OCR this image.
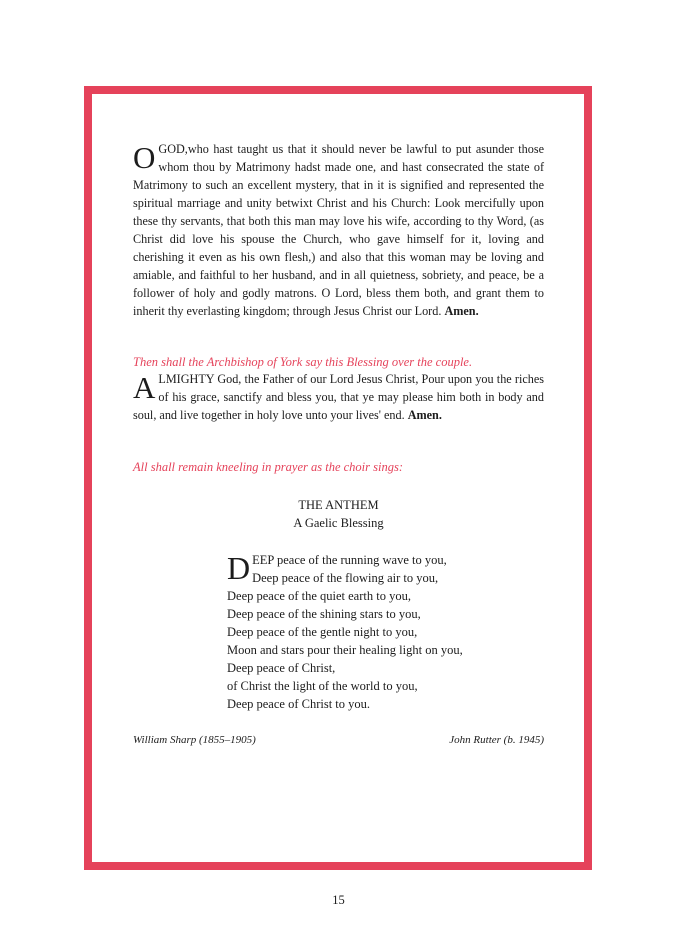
OGOD,who hast taught us that it should never be lawful to put asunder those whom thou by Matrimony hadst made one, and hast consecrated the state of Matrimony to such an excellent mystery, that in it is signified and represented the spiritual marriage and unity betwixt Christ and his Church: Look mercifully upon these thy servants, that both this man may love his wife, according to thy Word, (as Christ did love his spouse the Church, who gave himself for it, loving and cherishing it even as his own flesh,) and also that this woman may be loving and amiable, and faithful to her husband, and in all quietness, sobriety, and peace, be a follower of holy and godly matrons. O Lord, bless them both, and grant them to inherit thy everlasting kingdom; through Jesus Christ our Lord. Amen.

Then shall the Archbishop of York say this Blessing over the couple.

ALMIGHTY God, the Father of our Lord Jesus Christ, Pour upon you the riches of his grace, sanctify and bless you, that ye may please him both in body and soul, and live together in holy love unto your lives' end. Amen.

All shall remain kneeling in prayer as the choir sings:

THE ANTHEM
A Gaelic Blessing
D EEP peace of the running wave to you,
Deep peace of the flowing air to you,
Deep peace of the quiet earth to you,
Deep peace of the shining stars to you,
Deep peace of the gentle night to you,
Moon and stars pour their healing light on you,
Deep peace of Christ,
of Christ the light of the world to you,
Deep peace of Christ to you.
William Sharp (1855–1905)	John Rutter (b. 1945)
15
